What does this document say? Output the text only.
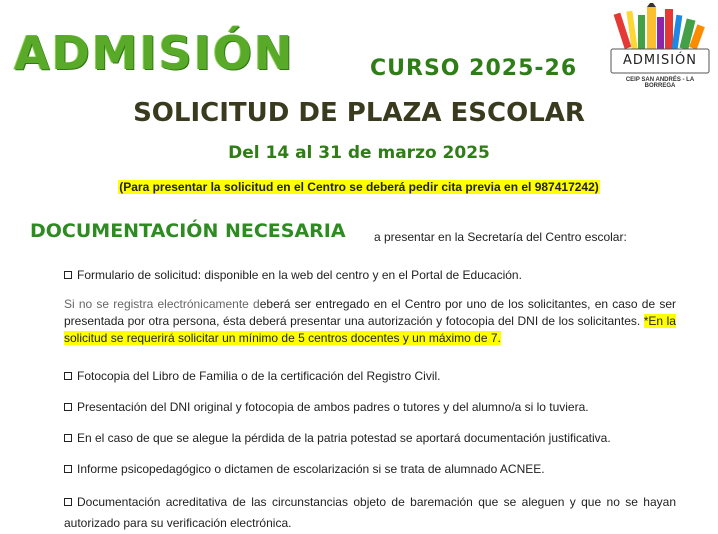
ADMISIÓN	CURSO 2025-26	ADMISIÓN
CEIP SAN ANDRÉS - LA BORREGA
SOLICITUD DE PLAZA ESCOLAR
Del 14 al 31 de marzo 2025
(Para presentar la solicitud en el Centro se deberá pedir cita previa en el 987417242)
DOCUMENTACIÓN NECESARIA a presentar en la Secretaría del Centro escolar:
Formulario de solicitud: disponible en la web del centro y en el Portal de Educación.
Si no se registra electrónicamente deberá ser entregado en el Centro por uno de los solicitantes, en caso de ser presentada por otra persona, ésta deberá presentar una autorización y fotocopia del DNI de los solicitantes. *En la solicitud se requerirá solicitar un mínimo de 5 centros docentes y un máximo de 7.
Fotocopia del Libro de Familia o de la certificación del Registro Civil.
Presentación del DNI original y fotocopia de ambos padres o tutores y del alumno/a si lo tuviera.
En el caso de que se alegue la pérdida de la patria potestad se aportará documentación justificativa.
Informe psicopedagógico o dictamen de escolarización si se trata de alumnado ACNEE.
Documentación acreditativa de las circunstancias objeto de baremación que se aleguen y que no se hayan autorizado para su verificación electrónica.
